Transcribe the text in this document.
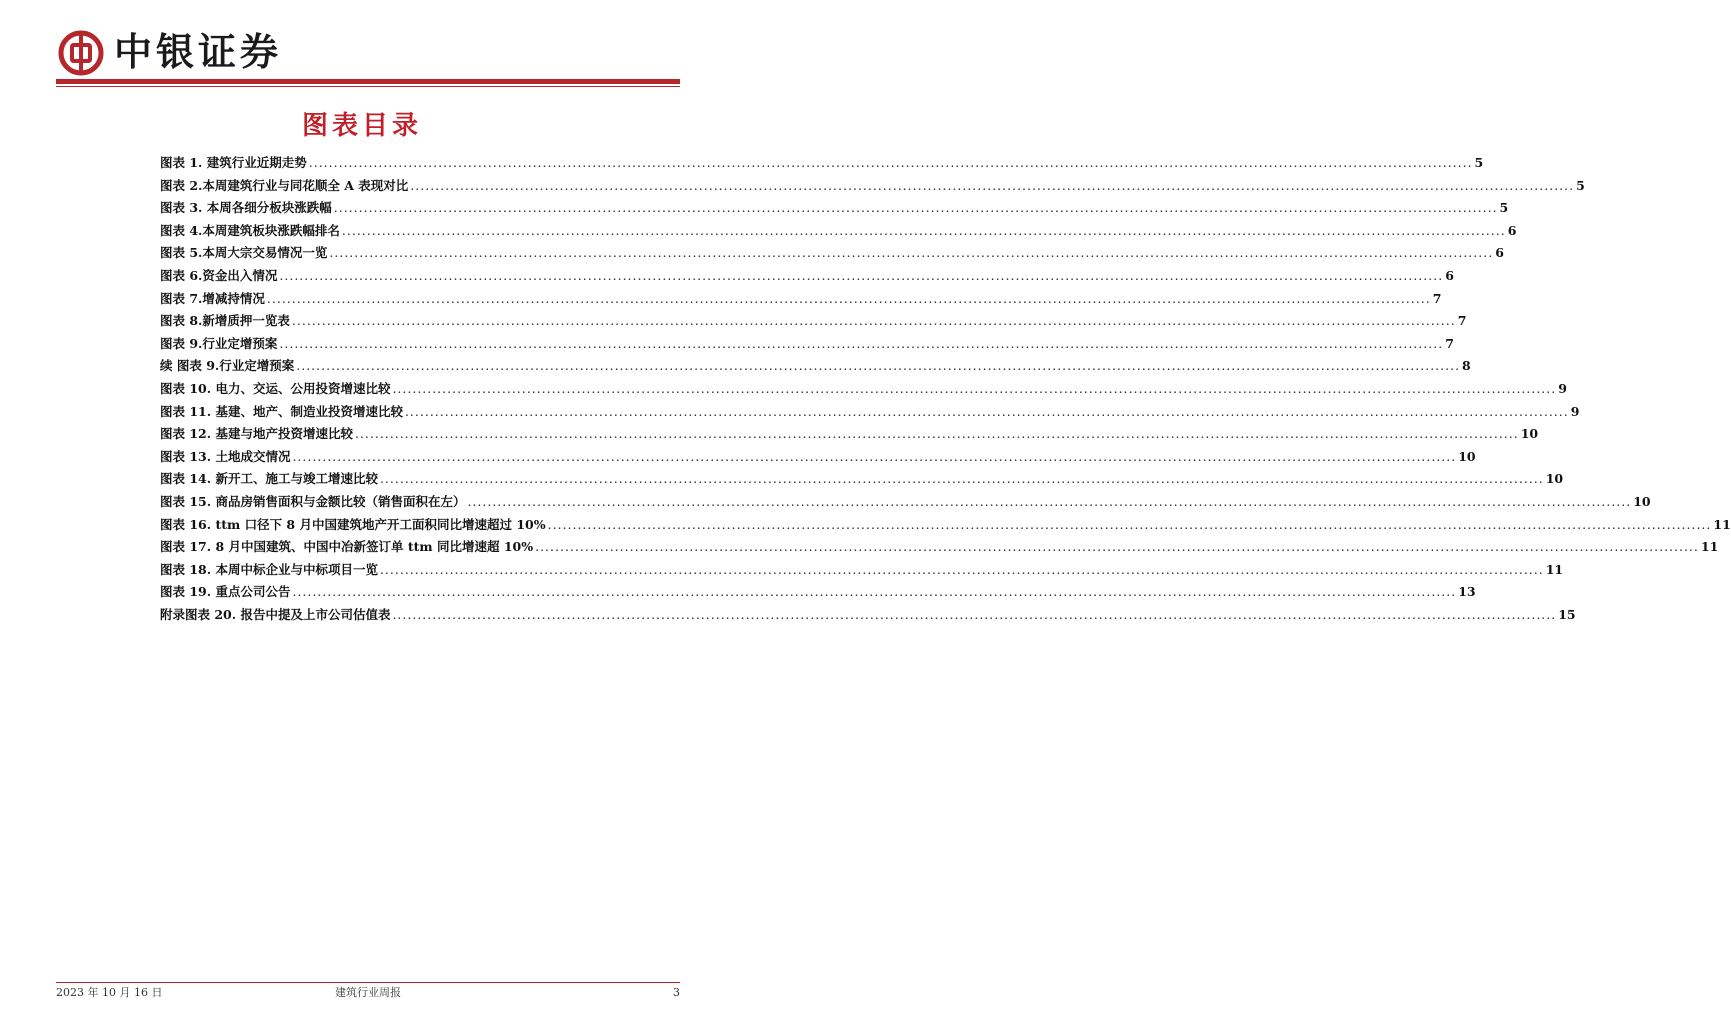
中银证券
图表目录
图表 1. 建筑行业近期走势 .....	5
图表 2.本周建筑行业与同花顺全 A 表现对比 .....	5
图表 3. 本周各细分板块涨跌幅 .....	5
图表 4.本周建筑板块涨跌幅排名 .....	6
图表 5.本周大宗交易情况一览 .....	6
图表 6.资金出入情况 .....	6
图表 7.增减持情况 .....	7
图表 8.新增质押一览表 .....	7
图表 9.行业定增预案 .....	7
续 图表 9.行业定增预案 .....	8
图表 10. 电力、交运、公用投资增速比较 .....	9
图表 11. 基建、地产、制造业投资增速比较 .....	9
图表 12. 基建与地产投资增速比较 .....	10
图表 13. 土地成交情况 .....	10
图表 14. 新开工、施工与竣工增速比较 .....	10
图表 15. 商品房销售面积与金额比较（销售面积在左） .....	10
图表 16. ttm 口径下 8 月中国建筑地产开工面积同比增速超过 10% .....	11
图表 17. 8 月中国建筑、中国中冶新签订单 ttm 同比增速超 10% .....	11
图表 18. 本周中标企业与中标项目一览 .....	11
图表 19. 重点公司公告 .....	13
附录图表 20. 报告中提及上市公司估值表 .....	15
2023 年 10 月 16 日	建筑行业周报	3
